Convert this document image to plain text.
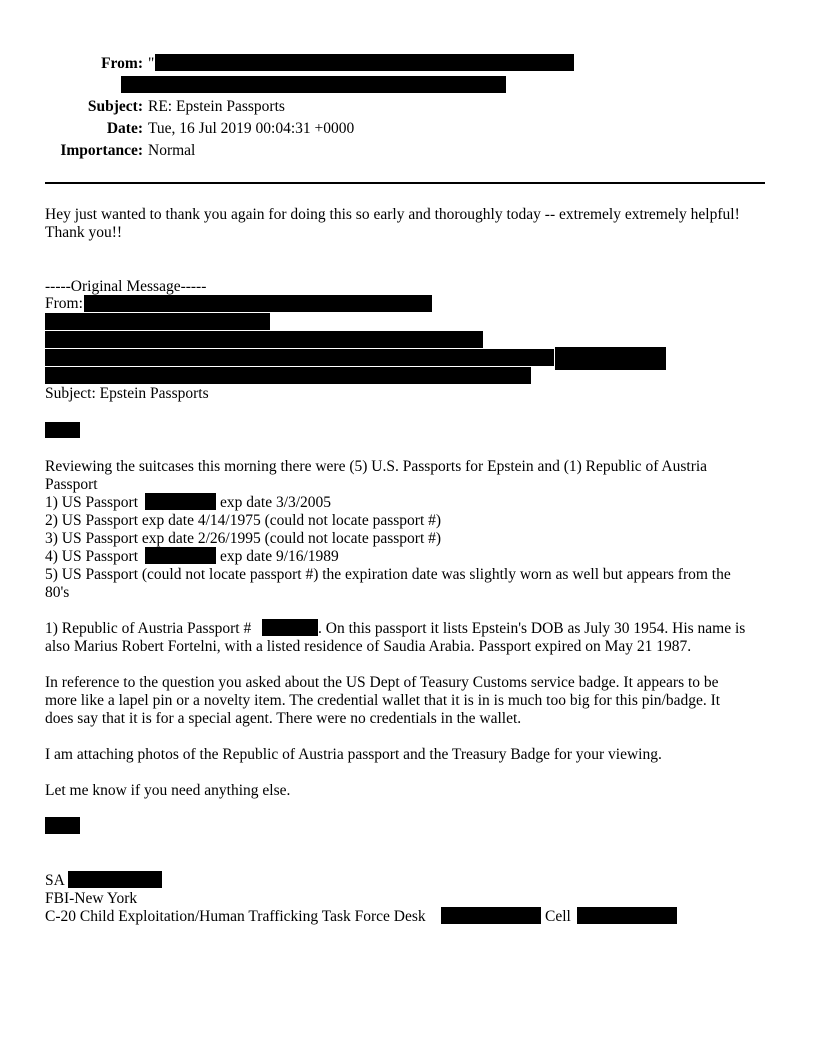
From: "
Subject: RE: Epstein Passports
Date: Tue, 16 Jul 2019 00:04:31 +0000
Importance: Normal
Hey just wanted to thank you again for doing this so early and thoroughly today -- extremely extremely helpful!
Thank you!!
-----Original Message-----
From:
Subject: Epstein Passports
Reviewing the suitcases this morning there were (5) U.S. Passports for Epstein and (1) Republic of Austria
Passport
1) US Passport	exp date 3/3/2005
2) US Passport exp date 4/14/1975 (could not locate passport #)
3) US Passport exp date 2/26/1995 (could not locate passport #)
4) US Passport	exp date 9/16/1989
5) US Passport (could not locate passport #) the expiration date was slightly worn as well but appears from the
80's
1) Republic of Austria Passport #	. On this passport it lists Epstein's DOB as July 30 1954. His name is
also Marius Robert Fortelni, with a listed residence of Saudia Arabia. Passport expired on May 21 1987.
In reference to the question you asked about the US Dept of Teasury Customs service badge. It appears to be
more like a lapel pin or a novelty item. The credential wallet that it is in is much too big for this pin/badge. It
does say that it is for a special agent. There were no credentials in the wallet.
I am attaching photos of the Republic of Austria passport and the Treasury Badge for your viewing.
Let me know if you need anything else.
SA
FBI-New York
C-20 Child Exploitation/Human Trafficking Task Force Desk	Cell
